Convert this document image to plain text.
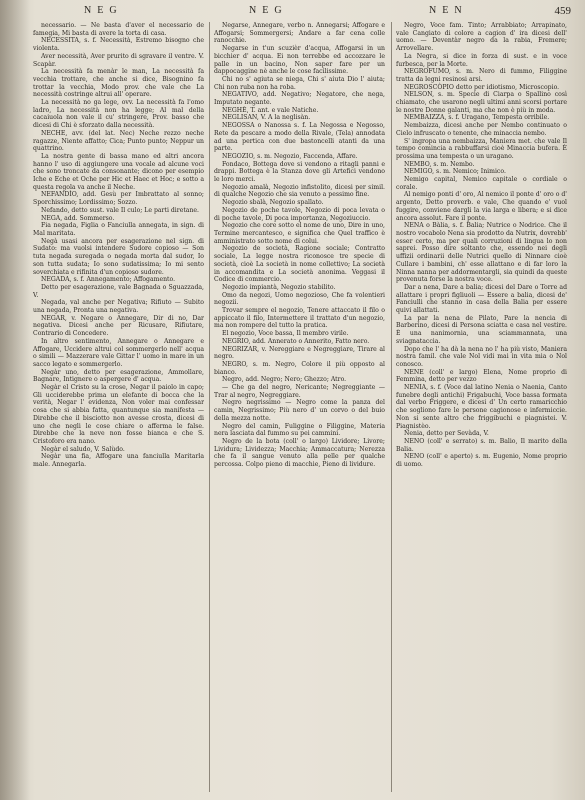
NEG	NEG	NEN	459

necessario. — Ne basta d'aver el necessario de famegia, Mi basta di avere la torta di casa.

NECESSITA, s. f. Necessità, Estremo bisogno che violenta.

Aver necessità, Aver prurito di sgravare il ventre. V. Scapàr.

La necessità fa menàr le man, La necessità fa vecchia trottare, che anche si dice, Bisognino fa trottar la vecchia, Modo prov. che vale che La necessità costringe altrui all' operare.

La necessità no ga lege, ovv. La necessità fa l'omo ladro, La necessità non ha legge; Al mal della cacaiuola non vale il cu' stringere, Prov. basso che dicesi di Chi è sforzato dalla necessità.

NECHE, avv. (del lat. Nec) Neche rezzo neche ragazze, Niente affatto; Cica; Punto punto; Neppur un quattrino.

La nostra gente di bassa mano ed altri ancora hanno l' uso di aggiungere una vocale ad alcune voci che sono troncate da consonante; dicono per esempio Iche e Eche et Oche per Hic et Haec et Hoc; e sotto a questa regola va anche il Neche.

NEFANDÌO, add. Gesù per Imbrattato al sonno; Sporchissimo; Lordissimo; Sozzo.

Nefando, detto sust. vale Il culo; Le parti diretane.

NEGA, add. Sommerso.

Fia negada, Figlia o Fanciulla annegata, in sign. di Mal maritata.

Negà usasi ancora per esagerazione nel sign. di Sudato: ma vuolsi intendere Sudore copioso — Son tuta negada suregada o negada morta dal sudor, Io son tutta sudata; Io sono sudatissima; Io mi sento soverchiata e rifinita d'un copioso sudore.

NEGADA, s. f. Annegamento; Affogamento.

Detto per esagerazione, vale Bagnada o Sguazzada, V.

Negada, val anche per Negativa; Rifiuto — Subito una negada, Pronta una negativa.

NEGAR, v. Negare o Annegare, Dir di no, Dar negativa. Dicesi anche per Ricusare, Rifiutare, Contrario di Concedere.

In altro sentimento, Annegare o Annegare e Affogare, Uccidere altrui col sommergerlo nell' acqua o simili — Mazzerare vale Gittar l' uomo in mare in un sacco legato e sommergerlo.

Negàr uno, detto per esagerazione, Ammollare, Bagnare, Intignere o aspergere d' acqua.

Negàr el Cristo su la crose, Negar il paiolo in capo; Gli ucciderebbe prima un elefante di bocca che la verità, Negar l' evidenza, Non voler mai confessar cosa che si abbia fatta, quantunque sia manifesta — Direbbe che il bisciotto non avesse crosta, dicesi di uno che negli le cose chiare o afferma le false. Direbbe che la neve non fosse bianca e che S. Cristoforo era nano.

Negàr el saludo, V. Salùdo.

Negàr una fia, Affogare una fanciulla Maritarla male. Annegarla.

Negarse, Annegare, verbo n. Annegarsi; Affogare e Affogarsi; Sommergersi; Andare a far cena colle ranocchie.

Negarse in t'un scuzièr d'acqua, Affogarsi in un bicchier d' acqua. Ei non terrebbe ed accozzare le palle in un bacino, Non saper fare per un dappocaggine nè anche le cose facilissime.

Chi no s' agiuta se niega, Chi s' aiuta Dio l' aiuta; Chi non ruba non ha roba.

NEGATIVO, add. Negativo; Negatore, che nega, Imputato negante.

NEGHÈ, T. ant. e vale Natiche.

NEGLISAN, V. A la neglisàn.

NEGOSSA o Nanossa s. f. La Negossa e Negosso, Rete da pescare a modo della Rivale, (Tela) annodata ad una pertica con due bastoncelli atanti da una parte.

NEGOZIO, s. m. Negozio, Faccenda, Affare.

Fondaco, Bottega dove si vendono a ritagli panni e drappi. Bottega è la Stanza dove gli Artefici vendono le loro merci.

Negozio amalà, Negozio infistolito, dicesi per simil. di qualche Negozio che sia venuto a pessimo fine.

Negozio sbalà, Negozio spallato.

Negozio de poche tavole, Negozio di poca levata o di poche tavole, Di poca importanza, Negoziuccio.

Negozio che core sotto el nome de uno, Dire in uno, Termine mercantesco, e significa che Quel traffico è amministrato sotto nome di colui.

Negozio de società, Ragione sociale; Contratto sociale, La legge nostra riconosce tre specie di società, cioè La società in nome collettivo; La società in accomandita e La società anonima. Veggasi il Codice di commercio.

Negozio impiantà, Negozio stabilito.

Omo da negozi, Uomo negozioso, Che fa volentieri negozii.

Trovar sempre el negozio, Tenere attaccato il filo o appiccato il filo, Intermettere il trattato d'un negozio, ma non rompere del tutto la pratica.

El negozio, Voce bassa, Il membro virile.

NEGRIO, add. Annerato o Annerito, Fatto nero.

NEGRIZAR, v. Nereggiare e Negreggiare, Tirare al negro.

NEGRO, s. m. Negro, Colore il più opposto al bianco.

Negro, add. Negro; Nero; Ghezzo; Atro.

— Che ga del negro, Nericante; Negreggiante — Trar al negro, Negreggiare.

Negro negrissimo — Negro come la panza del camin, Negrissimo; Più nero d' un corvo o del buio della mezza notte.

Negro del camin, Fuliggine o Filiggine, Materia nera lasciata dal fummo su pei cammini.

Negro de la bota (coll' o largo) Lividore; Livore; Lividura; Lividezza; Macchia; Ammaccatura; Nerezza che fa il sangue venuto alla pelle per qualche percossa. Colpo pieno di macchie, Pieno di lividure.

Negro, Voce fam. Tinto; Arrabbiato; Arrapinato, vale Cangiato di colore a cagion d' ira dicesi dell' uomo. — Deventàr negro da la rabia, Fremere; Arrovellare.

La Negra, si dice in forza di sust. e in voce furbesca, per la Morte.

NEGROFUMO, s. m. Nero di fummo, Filiggine tratta da legni resinosi arsi.

NEGROSCÒPIO detto per idiotismo, Microscopio.

NELSON, s. m. Specie di Ciarpa o Spallino così chiamato, che usarono negli ultimi anni scorsi portare le nostre Donne galanti, ma che non è più in moda.

NEMBAIZZA, s. f. Uragano, Tempesta orribile.

Nembaizza, dicesi anche per Nembo continuato o Cielo infruscato o tenente, che minaccia nembo.

S' ingropa una nembaizza, Maniera met. che vale Il tempo comincia a rabbuffarsi cioè Minaccia bufera. È prossima una tempesta o un uragano.

NEMBO, s. m. Nembo.

NEMIGO, s. m. Nemico; Inimico.

Nemigo capital, Nemico capitale o cordiale o corale.

Al nemigo ponti d' oro, Al nemico il ponte d' oro o d' argento, Detto proverb. e vale, Che quando e' vuol fuggire, conviene dargli la via larga e libera; e si dice ancora assolut. Fare il ponte.

NENA o Bàlia, s. f. Balia; Nutrice o Nodrice. Che il nostro vocabolo Nena sia prodotto da Nutrix, dovrebb' esser certo, ma per quali corruzioni di lingua lo non saprei. Posso dire soltanto che, essendo nei degli uffizii ordinarii delle Nutrici quello di Ninnare cioè Cullare i bambini, ch' esse allattano e di far loro la Ninna nanna per addormentargli, sia quindi da queste provenuta forse la nostra voce.

Dar a nena, Dare a balia; dicesi del Dare o Torre ad allattare i propri figliuoli — Essere a balia, dicesi de' Fanciulli che stanno in casa della Balia per essere quivi allattati.

La par la nena de Pilato, Pare la nencia di Barberino, dicesi di Persona sciatta e casa nel vestire. È una nanimornia, una sciammannata, una sviagnataccia.

Dopo che l' ha dà la nena no l' ha più visto, Maniera nostra famil. che vale Nol vidi mai in vita mia o Nol conosco.

NENE (coll' e largo) Elena, Nome proprio di Femmina, detto per vezzo

NENIA, s. f. (Voce dal latino Nenia o Naenia, Canto funebre degli antichi) Frigabuchi, Voce bassa formata dal verbo Friggere, e dicesi d' Un certo ramaricchio che sogliono fare le persone cagionose e infermiccie. Non si sente altro che friggibuchi e piagnistei. V. Piagnistèo.

Nenia, detto per Sevàda, V.

NENO (coll' e serrato) s. m. Balio, Il marito della Balia.

NENO (coll' e aperto) s. m. Eugenio, Nome proprio di uomo.
